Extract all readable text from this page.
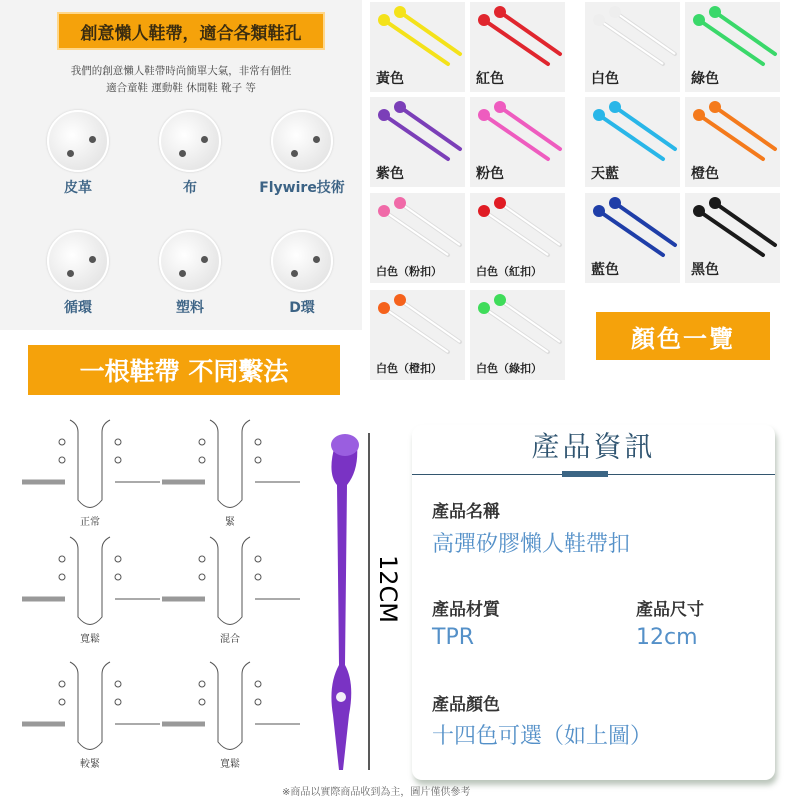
創意懶人鞋帶，適合各類鞋孔
我們的創意懶人鞋帶時尚簡單大氣，非常有個性
適合童鞋 運動鞋 休閒鞋 靴子 等
皮革	布	Flywire技術
循環	塑料	D環
黃色	紅色
紫色	粉色
白色（粉扣）	白色（紅扣）
白色（橙扣）	白色（綠扣）
白色	綠色
天藍	橙色
藍色	黑色
顏色一覽
一根鞋帶 不同繫法
正常	緊
寬鬆	混合
較緊	寬鬆
12CM
產品資訊
產品名稱
高彈矽膠懶人鞋帶扣
產品材質
TPR
產品尺寸
12cm
產品顏色
十四色可選（如上圖）
※商品以實際商品收到為主，圖片僅供參考
